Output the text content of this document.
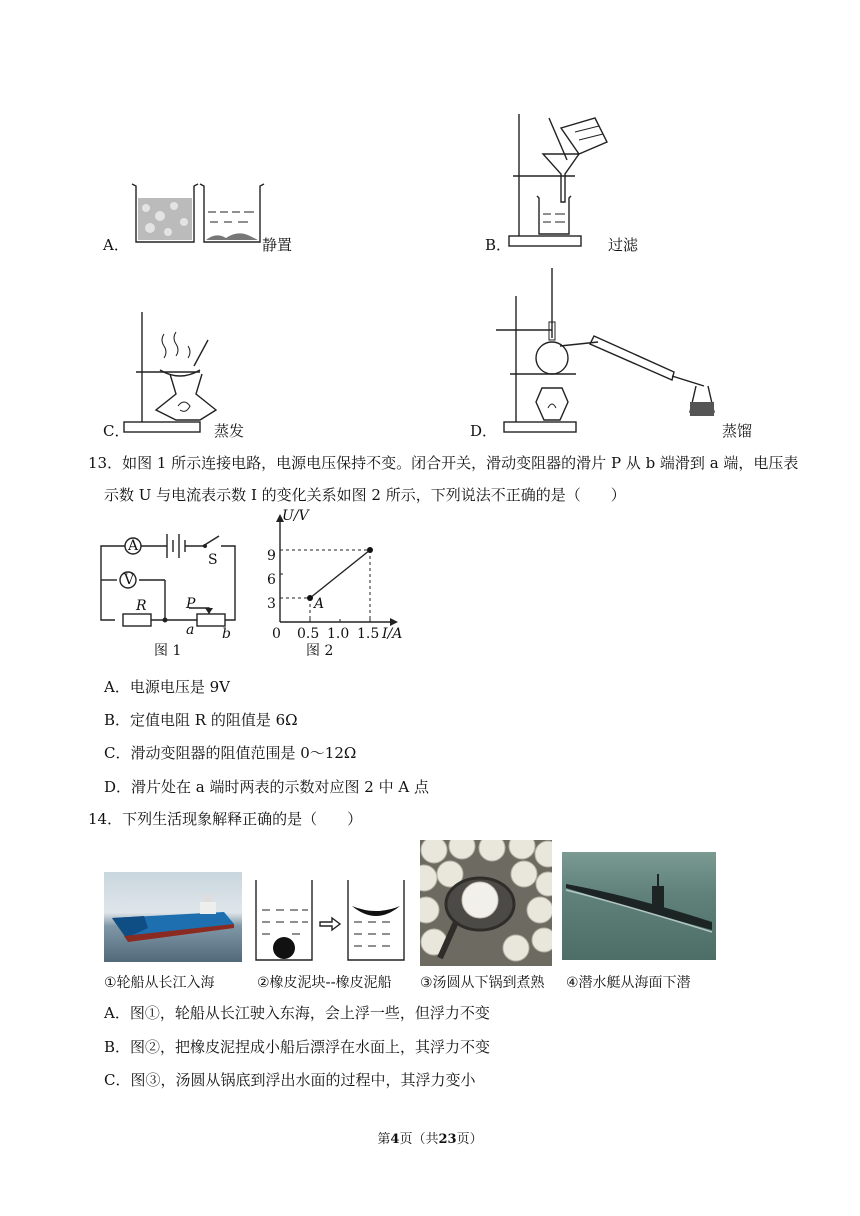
A．	静置	B．	过滤
C．	蒸发	D．	蒸馏
13．如图 1 所示连接电路，电源电压保持不变。闭合开关，滑动变阻器的滑片 P 从 b 端滑到 a 端，电压表
示数 U 与电流表示数 I 的变化关系如图 2 所示，下列说法不正确的是（　　）
A
V
S
R	P
a b
图 1
U/V
I/A
0
9
6
3
0.5 1.0 1.5
A
图 2
A．电源电压是 9V
B．定值电阻 R 的阻值是 6Ω
C．滑动变阻器的阻值范围是 0～12Ω
D．滑片处在 a 端时两表的示数对应图 2 中 A 点
14．下列生活现象解释正确的是（　　）
①轮船从长江入海	②橡皮泥块--橡皮泥船 ③汤圆从下锅到煮熟 ④潜水艇从海面下潜
A．图①，轮船从长江驶入东海，会上浮一些，但浮力不变
B．图②，把橡皮泥捏成小船后漂浮在水面上，其浮力不变
C．图③，汤圆从锅底到浮出水面的过程中，其浮力变小
第4页（共23页）
